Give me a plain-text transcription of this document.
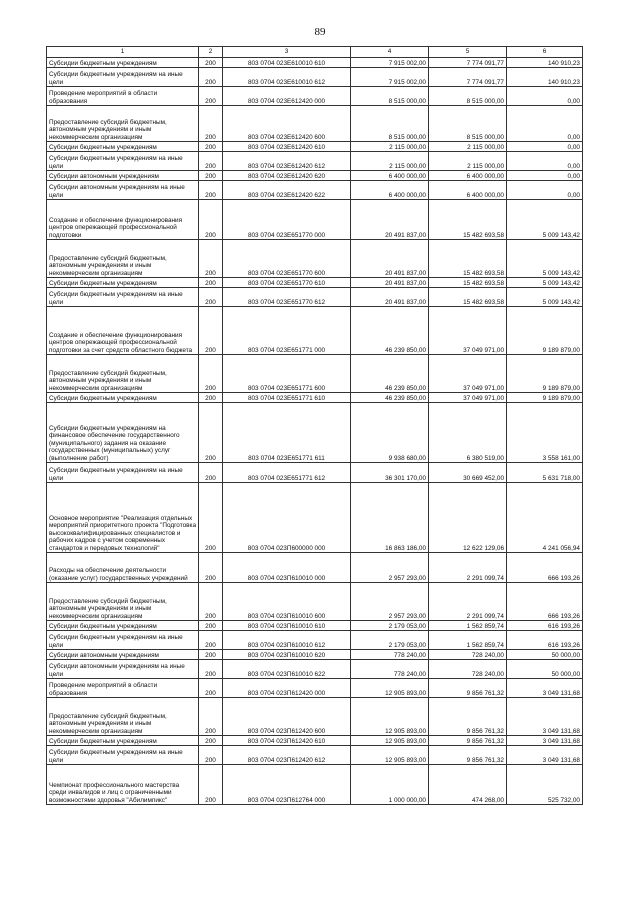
89
1	2	3	4	5	6
Субсидии бюджетным учреждениям	200	803 0704 023E610010 610	7 915 002,00	7 774 091,77	140 910,23
Субсидии бюджетным учреждениям на иные цели	200	803 0704 023E610010 612	7 915 002,00	7 774 091,77	140 910,23
Проведение мероприятий в области образования	200	803 0704 023E612420 000	8 515 000,00	8 515 000,00	0,00
Предоставление субсидий бюджетным, автономным учреждениям и иным некоммерческим организациям	200	803 0704 023E612420 600	8 515 000,00	8 515 000,00	0,00
Субсидии бюджетным учреждениям	200	803 0704 023E612420 610	2 115 000,00	2 115 000,00	0,00
Субсидии бюджетным учреждениям на иные цели	200	803 0704 023E612420 612	2 115 000,00	2 115 000,00	0,00
Субсидии автономным учреждениям	200	803 0704 023E612420 620	6 400 000,00	6 400 000,00	0,00
Субсидии автономным учреждениям на иные цели	200	803 0704 023E612420 622	6 400 000,00	6 400 000,00	0,00
Создание и обеспечение функционирования центров опережающей профессиональной подготовки	200	803 0704 023E651770 000	20 491 837,00	15 482 693,58	5 009 143,42
Предоставление субсидий бюджетным, автономным учреждениям и иным некоммерческим организациям	200	803 0704 023E651770 600	20 491 837,00	15 482 693,58	5 009 143,42
Субсидии бюджетным учреждениям	200	803 0704 023E651770 610	20 491 837,00	15 482 693,58	5 009 143,42
Субсидии бюджетным учреждениям на иные цели	200	803 0704 023E651770 612	20 491 837,00	15 482 693,58	5 009 143,42
Создание и обеспечение функционирования центров опережающей профессиональной подготовки за счет средств областного бюджета	200	803 0704 023E651771 000	46 239 850,00	37 049 971,00	9 189 879,00
Предоставление субсидий бюджетным, автономным учреждениям и иным некоммерческим организациям	200	803 0704 023E651771 600	46 239 850,00	37 049 971,00	9 189 879,00
Субсидии бюджетным учреждениям	200	803 0704 023E651771 610	46 239 850,00	37 049 971,00	9 189 879,00
Субсидии бюджетным учреждениям на финансовое обеспечение государственного (муниципального) задания на оказание государственных (муниципальных) услуг (выполнение работ)	200	803 0704 023E651771 611	9 938 680,00	6 380 519,00	3 558 161,00
Субсидии бюджетным учреждениям на иные цели	200	803 0704 023E651771 612	36 301 170,00	30 669 452,00	5 631 718,00
Основное мероприятие "Реализация отдельных мероприятий приоритетного проекта "Подготовка высококвалифицированных специалистов и рабочих кадров с учетом современных стандартов и передовых технологий"	200	803 0704 023П600000 000	16 863 186,00	12 622 129,06	4 241 056,94
Расходы на обеспечение деятельности (оказание услуг) государственных учреждений	200	803 0704 023П610010 000	2 957 293,00	2 291 099,74	666 193,26
Предоставление субсидий бюджетным, автономным учреждениям и иным некоммерческим организациям	200	803 0704 023П610010 600	2 957 293,00	2 291 099,74	666 193,26
Субсидии бюджетным учреждениям	200	803 0704 023П610010 610	2 179 053,00	1 562 859,74	616 193,26
Субсидии бюджетным учреждениям на иные цели	200	803 0704 023П610010 612	2 179 053,00	1 562 859,74	616 193,26
Субсидии автономным учреждениям	200	803 0704 023П610010 620	778 240,00	728 240,00	50 000,00
Субсидии автономным учреждениям на иные цели	200	803 0704 023П610010 622	778 240,00	728 240,00	50 000,00
Проведение мероприятий в области образования	200	803 0704 023П612420 000	12 905 893,00	9 856 761,32	3 049 131,68
Предоставление субсидий бюджетным, автономным учреждениям и иным некоммерческим организациям	200	803 0704 023П612420 600	12 905 893,00	9 856 761,32	3 049 131,68
Субсидии бюджетным учреждениям	200	803 0704 023П612420 610	12 905 893,00	9 856 761,32	3 049 131,68
Субсидии бюджетным учреждениям на иные цели	200	803 0704 023П612420 612	12 905 893,00	9 856 761,32	3 049 131,68
Чемпионат профессионального мастерства среди инвалидов и лиц с ограниченными возможностями здоровья "Абилимпикс"	200	803 0704 023П612764 000	1 000 000,00	474 268,00	525 732,00
